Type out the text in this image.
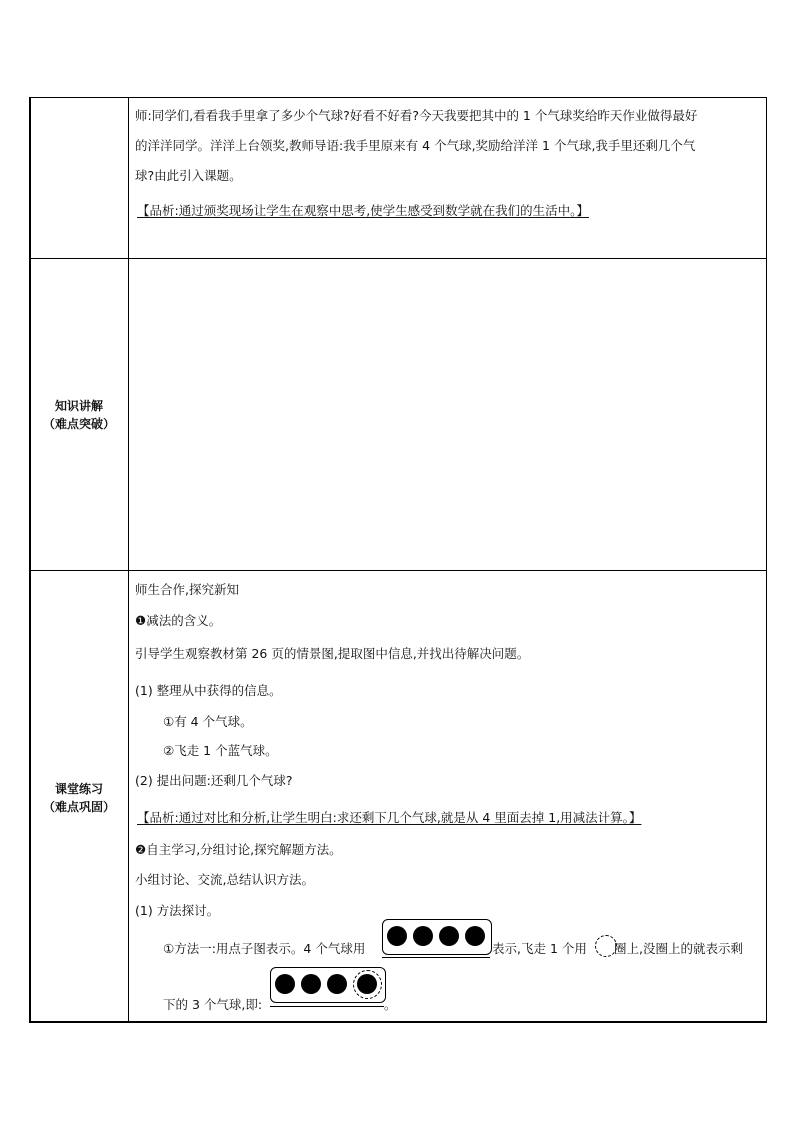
师:同学们,看看我手里拿了多少个气球?好看不好看?今天我要把其中的 1 个气球奖给昨天作业做得最好
的洋洋同学。洋洋上台领奖,教师导语:我手里原来有 4 个气球,奖励给洋洋 1 个气球,我手里还剩几个气
球?由此引入课题。
【品析:通过颁奖现场让学生在观察中思考,使学生感受到数学就在我们的生活中。】
知识讲解
（难点突破）
课堂练习
（难点巩固）
师生合作,探究新知
❶减法的含义。
引导学生观察教材第 26 页的情景图,提取图中信息,并找出待解决问题。
(1) 整理从中获得的信息。
①有 4 个气球。
②飞走 1 个蓝气球。
(2) 提出问题:还剩几个气球?
【品析:通过对比和分析,让学生明白:求还剩下几个气球,就是从 4 里面去掉 1,用减法计算。】
❷自主学习,分组讨论,探究解题方法。
小组讨论、交流,总结认识方法。
(1) 方法探讨。
①方法一:用点子图表示。4 个气球用	表示,飞走 1 个用 圈上,没圈上的就表示剩
下的 3 个气球,即:	。
